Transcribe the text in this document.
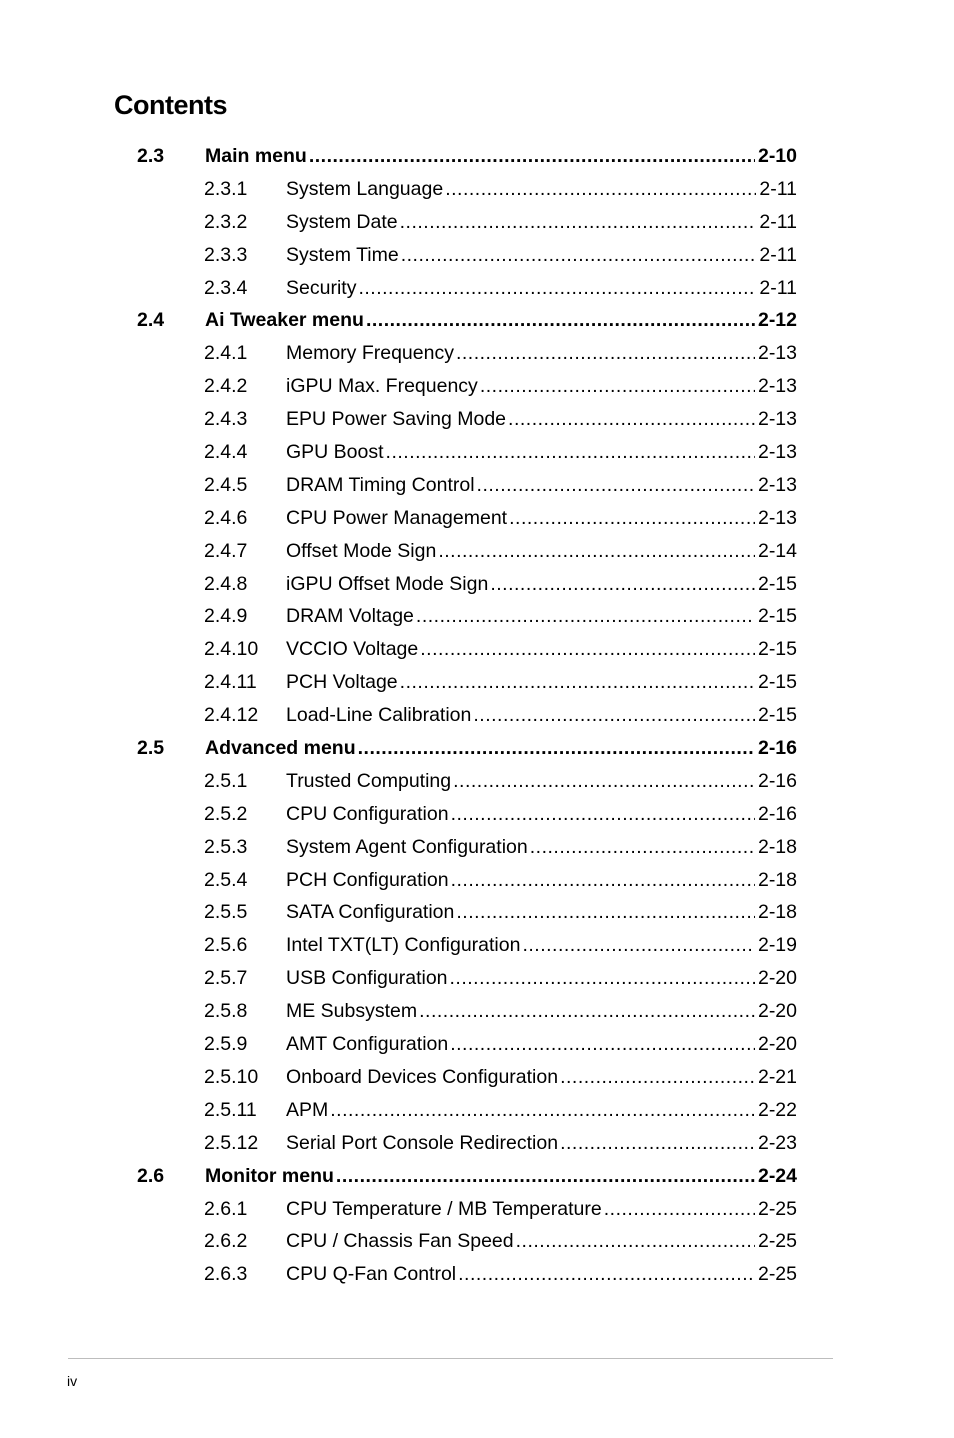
Contents
2.3 Main menu .....	2-10
2.3.1 System Language .....	2-11
2.3.2 System Date .....	2-11
2.3.3 System Time .....	2-11
2.3.4 Security .....	2-11
2.4 Ai Tweaker menu .....	2-12
2.4.1 Memory Frequency .....	2-13
2.4.2 iGPU Max. Frequency .....	2-13
2.4.3 EPU Power Saving Mode .....	2-13
2.4.4 GPU Boost .....	2-13
2.4.5 DRAM Timing Control .....	2-13
2.4.6 CPU Power Management .....	2-13
2.4.7 Offset Mode Sign .....	2-14
2.4.8 iGPU Offset Mode Sign .....	2-15
2.4.9 DRAM Voltage .....	2-15
2.4.10 VCCIO Voltage .....	2-15
2.4.11 PCH Voltage .....	2-15
2.4.12 Load-Line Calibration .....	2-15
2.5 Advanced menu .....	2-16
2.5.1 Trusted Computing .....	2-16
2.5.2 CPU Configuration .....	2-16
2.5.3 System Agent Configuration .....	2-18
2.5.4 PCH Configuration .....	2-18
2.5.5 SATA Configuration .....	2-18
2.5.6 Intel TXT(LT) Configuration .....	2-19
2.5.7 USB Configuration .....	2-20
2.5.8 ME Subsystem .....	2-20
2.5.9 AMT Configuration .....	2-20
2.5.10 Onboard Devices Configuration .....	2-21
2.5.11 APM .....	2-22
2.5.12 Serial Port Console Redirection .....	2-23
2.6 Monitor menu .....	2-24
2.6.1 CPU Temperature / MB Temperature .....	2-25
2.6.2 CPU / Chassis Fan Speed .....	2-25
2.6.3 CPU Q-Fan Control .....	2-25
iv
